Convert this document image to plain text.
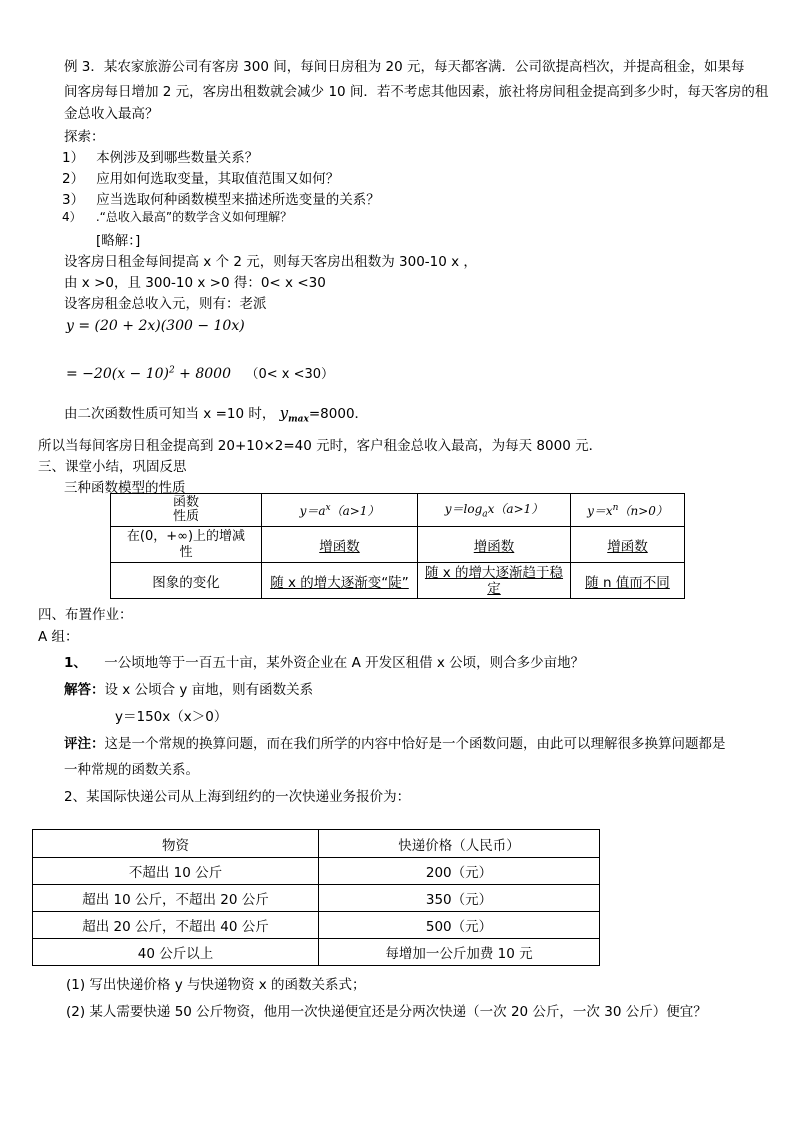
例 3．某农家旅游公司有客房 300 间，每间日房租为 20 元，每天都客满．公司欲提高档次，并提高租金，如果每
间客房每日增加 2 元，客房出租数就会减少 10 间．若不考虑其他因素，旅社将房间租金提高到多少时，每天客房的租
金总收入最高？
探索：
1） 本例涉及到哪些数量关系？
2） 应用如何选取变量，其取值范围又如何？
3） 应当选取何种函数模型来描述所选变量的关系？
4） .“总收入最高”的数学含义如何理解？
[略解：]
设客房日租金每间提高 x 个 2 元，则每天客房出租数为 300-10 x ，
由 x >0，且 300-10 x >0 得：0< x <30
设客房租金总收入元，则有：老派
y = (20 + 2x)(300 − 10x)
= $-20(x - 10)^2 + 8000$ （0< x <30）
由二次函数性质可知当 x =10 时， $y_{max}=8000$．
所以当每间客房日租金提高到 20+10×2=40 元时，客户租金总收入最高，为每天 8000 元．
三、课堂小结，巩固反思
三种函数模型的性质
函数
性质	$y=a^x(a>1)$	$y=\log_ax(a>1)$	$y=x^n(n>0)$

在(0，+∞)上的增减
性	增函数	增函数	增函数
图象的变化	随 x 的增大逐渐变“陡”	随 x 的增大逐渐趋于稳
定	随 n 值而不同
四、布置作业：
A 组：
1、 一公顷地等于一百五十亩，某外资企业在 A 开发区租借 x 公顷，则合多少亩地？
解答：设 x 公顷合 y 亩地，则有函数关系
y＝150x（x＞0）
评注：这是一个常规的换算问题，而在我们所学的内容中恰好是一个函数问题，由此可以理解很多换算问题都是
一种常规的函数关系。
2、某国际快递公司从上海到纽约的一次快递业务报价为：
物资	快递价格（人民币）
不超出 10 公斤	200（元）
超出 10 公斤，不超出 20 公斤	350（元）
超出 20 公斤，不超出 40 公斤	500（元）
40 公斤以上	每增加一公斤加费 10 元
(1) 写出快递价格 y 与快递物资 x 的函数关系式；
(2) 某人需要快递 50 公斤物资，他用一次快递便宜还是分两次快递（一次 20 公斤，一次 30 公斤）便宜？
